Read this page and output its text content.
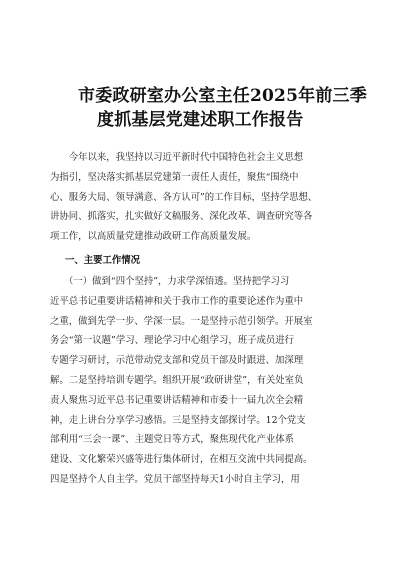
市委政研室办公室主任2025年前三季
度抓基层党建述职工作报告
　　今年以来，我坚持以习近平新时代中国特色社会主义思想
为指引，坚决落实抓基层党建第一责任人责任，聚焦“围绕中
心、服务大局、领导满意、各方认可”的工作目标，坚持学思想、
讲协同、抓落实，扎实做好文稿服务、深化改革、调查研究等各
项工作，以高质量党建推动政研工作高质量发展。
一、主要工作情况
　　（一）做到“四个坚持”，力求学深悟透。坚持把学习习
近平总书记重要讲话精神和关于我市工作的重要论述作为重中
之重，做到先学一步、学深一层。一是坚持示范引领学。开展室
务会“第一议题”学习、理论学习中心组学习，班子成员进行
专题学习研讨，示范带动党支部和党员干部及时跟进、加深理
解。二是坚持培训专题学。组织开展“政研讲堂”，有关处室负
责人聚焦习近平总书记重要讲话精神和市委十一届九次全会精
神，走上讲台分享学习感悟。三是坚持支部探讨学。12个党支
部利用“三会一课”、主题党日等方式，聚焦现代化产业体系
建设、文化繁荣兴盛等进行集体研讨，在相互交流中共同提高。
四是坚持个人自主学。党员干部坚持每天1小时自主学习，用
